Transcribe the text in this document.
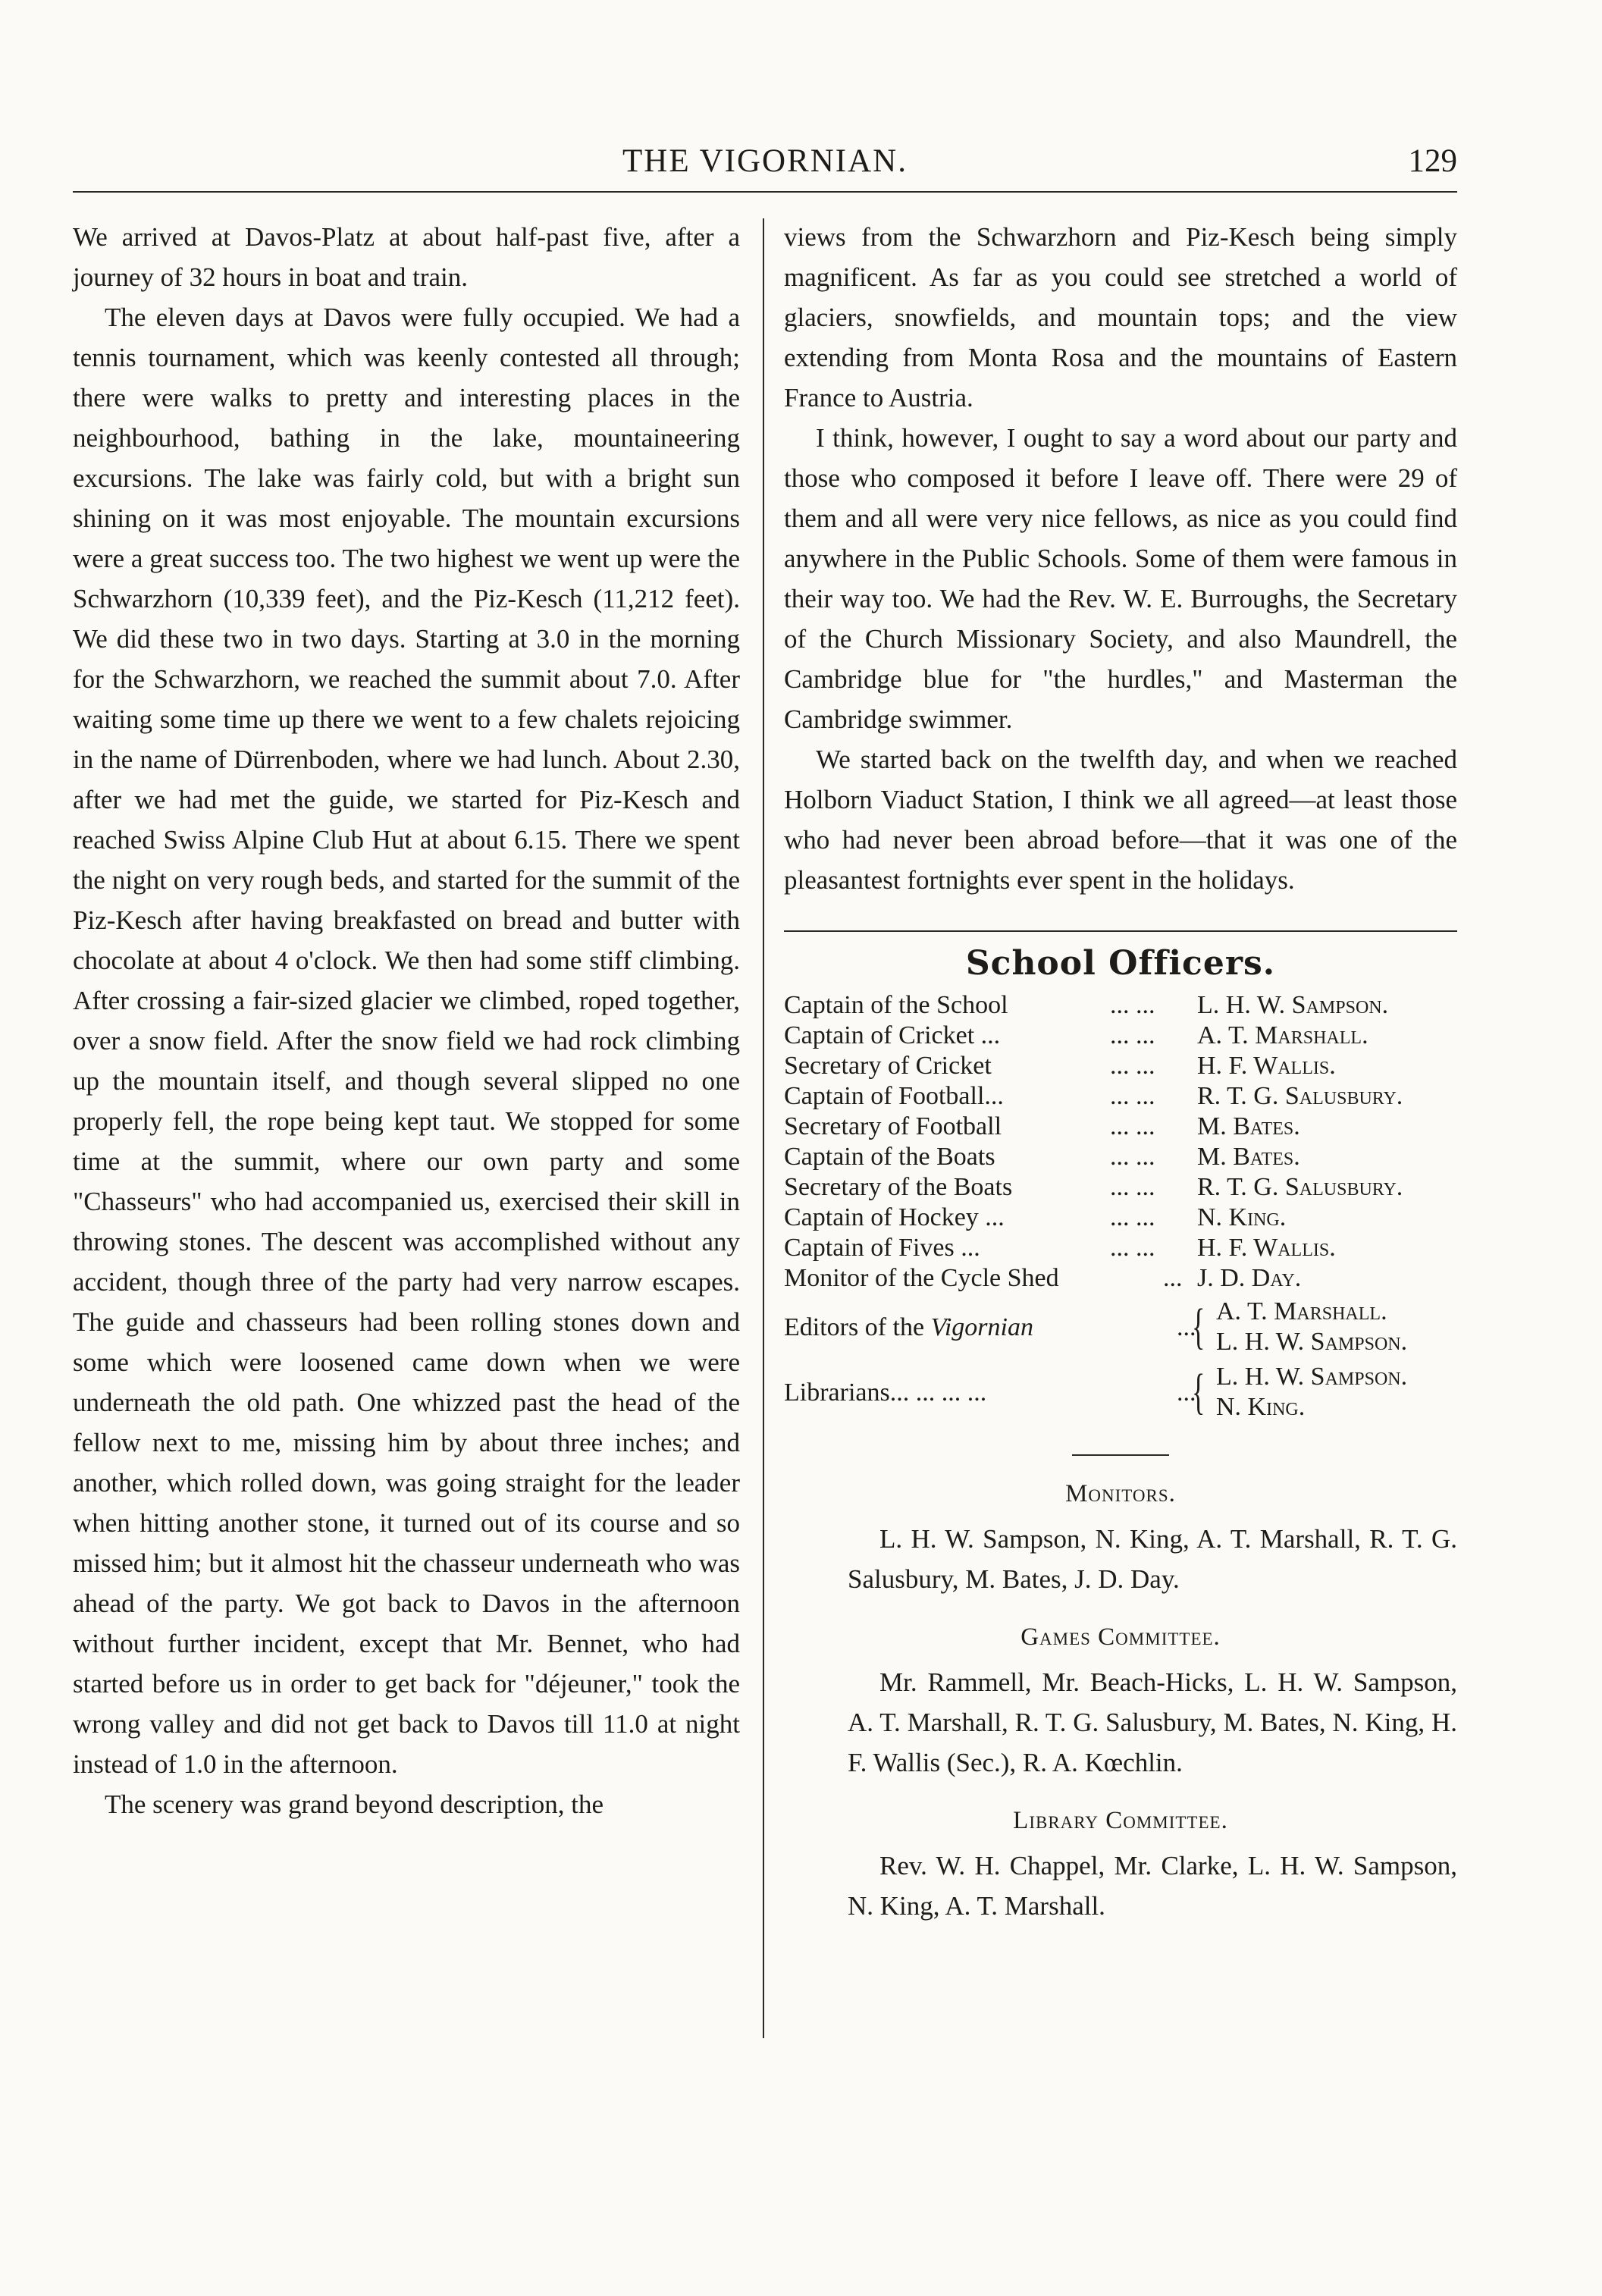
THE VIGORNIAN.	129

We arrived at Davos-Platz at about half-past five, after a journey of 32 hours in boat and train.

The eleven days at Davos were fully occupied. We had a tennis tournament, which was keenly contested all through; there were walks to pretty and interesting places in the neighbourhood, bathing in the lake, mountaineering excursions. The lake was fairly cold, but with a bright sun shining on it was most enjoyable. The mountain excursions were a great success too. The two highest we went up were the Schwarzhorn (10,339 feet), and the Piz-Kesch (11,212 feet). We did these two in two days. Starting at 3.0 in the morning for the Schwarzhorn, we reached the summit about 7.0. After waiting some time up there we went to a few chalets rejoicing in the name of Dürrenboden, where we had lunch. About 2.30, after we had met the guide, we started for Piz-Kesch and reached Swiss Alpine Club Hut at about 6.15. There we spent the night on very rough beds, and started for the summit of the Piz-Kesch after having breakfasted on bread and butter with chocolate at about 4 o'clock. We then had some stiff climbing. After crossing a fair-sized glacier we climbed, roped together, over a snow field. After the snow field we had rock climbing up the mountain itself, and though several slipped no one properly fell, the rope being kept taut. We stopped for some time at the summit, where our own party and some "Chasseurs" who had accompanied us, exercised their skill in throwing stones. The descent was accomplished without any accident, though three of the party had very narrow escapes. The guide and chasseurs had been rolling stones down and some which were loosened came down when we were underneath the old path. One whizzed past the head of the fellow next to me, missing him by about three inches; and another, which rolled down, was going straight for the leader when hitting another stone, it turned out of its course and so missed him; but it almost hit the chasseur underneath who was ahead of the party. We got back to Davos in the afternoon without further incident, except that Mr. Bennet, who had started before us in order to get back for "déjeuner," took the wrong valley and did not get back to Davos till 11.0 at night instead of 1.0 in the afternoon.

The scenery was grand beyond description, the

views from the Schwarzhorn and Piz-Kesch being simply magnificent. As far as you could see stretched a world of glaciers, snowfields, and mountain tops; and the view extending from Monta Rosa and the mountains of Eastern France to Austria.

I think, however, I ought to say a word about our party and those who composed it before I leave off. There were 29 of them and all were very nice fellows, as nice as you could find anywhere in the Public Schools. Some of them were famous in their way too. We had the Rev. W. E. Burroughs, the Secretary of the Church Missionary Society, and also Maundrell, the Cambridge blue for "the hurdles," and Masterman the Cambridge swimmer.

We started back on the twelfth day, and when we reached Holborn Viaduct Station, I think we all agreed—at least those who had never been abroad before—that it was one of the pleasantest fortnights ever spent in the holidays.

School Officers.
Captain of the School	... ... L. H. W. Sampson.
Captain of Cricket ...	... ... A. T. Marshall.
Secretary of Cricket	... ... H. F. Wallis.
Captain of Football...	... ... R. T. G. Salusbury.
Secretary of Football	... ... M. Bates.
Captain of the Boats	... ... M. Bates.
Secretary of the Boats	... ... R. T. G. Salusbury.
Captain of Hockey ...	... ... N. King.
Captain of Fives ...	... ... H. F. Wallis.
Monitor of the Cycle Shed	... J. D. Day.
Editors of the Vigornian	...
{ A. T. Marshall.
L. H. W. Sampson.
Librarians... ... ... ...	...
{ L. H. W. Sampson.
N. King.
Monitors.

L. H. W. Sampson, N. King, A. T. Marshall, R. T. G. Salusbury, M. Bates, J. D. Day.

Games Committee.

Mr. Rammell, Mr. Beach-Hicks, L. H. W. Sampson, A. T. Marshall, R. T. G. Salusbury, M. Bates, N. King, H. F. Wallis (Sec.), R. A. Kœchlin.

Library Committee.

Rev. W. H. Chappel, Mr. Clarke, L. H. W. Sampson, N. King, A. T. Marshall.
